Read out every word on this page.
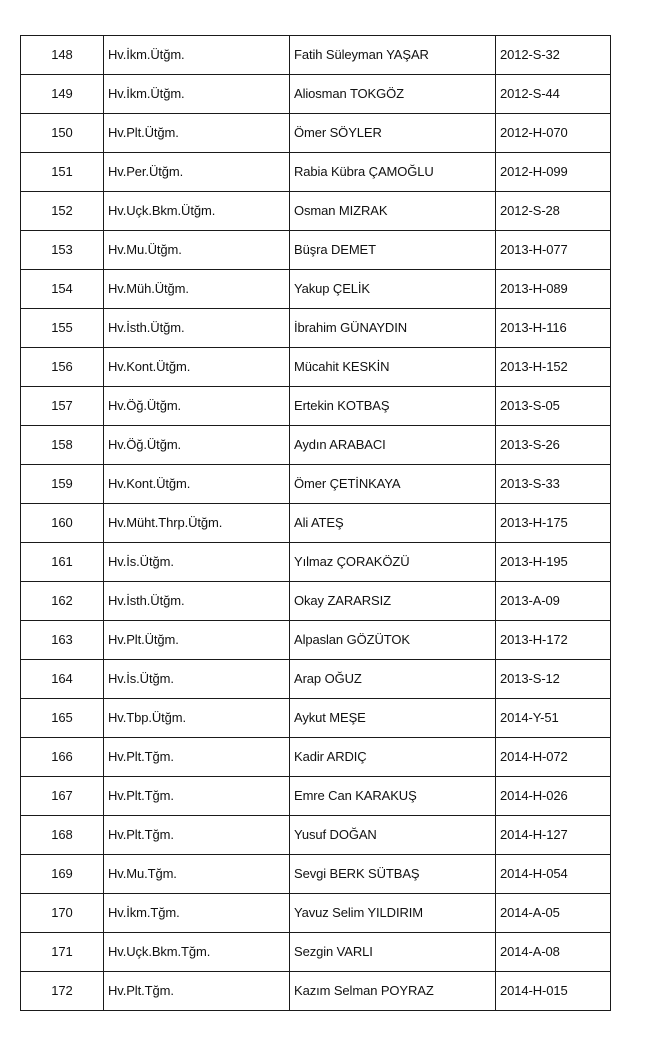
148	Hv.İkm.Ütğm.	Fatih Süleyman YAŞAR	2012-S-32
149	Hv.İkm.Ütğm.	Aliosman TOKGÖZ	2012-S-44
150	Hv.Plt.Ütğm.	Ömer SÖYLER	2012-H-070
151	Hv.Per.Ütğm.	Rabia Kübra ÇAMOĞLU	2012-H-099
152	Hv.Uçk.Bkm.Ütğm.	Osman MIZRAK	2012-S-28
153	Hv.Mu.Ütğm.	Büşra DEMET	2013-H-077
154	Hv.Müh.Ütğm.	Yakup ÇELİK	2013-H-089
155	Hv.İsth.Ütğm.	İbrahim GÜNAYDIN	2013-H-116
156	Hv.Kont.Ütğm.	Mücahit KESKİN	2013-H-152
157	Hv.Öğ.Ütğm.	Ertekin KOTBAŞ	2013-S-05
158	Hv.Öğ.Ütğm.	Aydın ARABACI	2013-S-26
159	Hv.Kont.Ütğm.	Ömer ÇETİNKAYA	2013-S-33
160	Hv.Müht.Thrp.Ütğm.	Ali ATEŞ	2013-H-175
161	Hv.İs.Ütğm.	Yılmaz ÇORAKÖZÜ	2013-H-195
162	Hv.İsth.Ütğm.	Okay ZARARSIZ	2013-A-09
163	Hv.Plt.Ütğm.	Alpaslan GÖZÜTOK	2013-H-172
164	Hv.İs.Ütğm.	Arap OĞUZ	2013-S-12
165	Hv.Tbp.Ütğm.	Aykut MEŞE	2014-Y-51
166	Hv.Plt.Tğm.	Kadir ARDIÇ	2014-H-072
167	Hv.Plt.Tğm.	Emre Can KARAKUŞ	2014-H-026
168	Hv.Plt.Tğm.	Yusuf DOĞAN	2014-H-127
169	Hv.Mu.Tğm.	Sevgi BERK SÜTBAŞ	2014-H-054
170	Hv.İkm.Tğm.	Yavuz Selim YILDIRIM	2014-A-05
171	Hv.Uçk.Bkm.Tğm.	Sezgin VARLI	2014-A-08
172	Hv.Plt.Tğm.	Kazım Selman POYRAZ	2014-H-015
